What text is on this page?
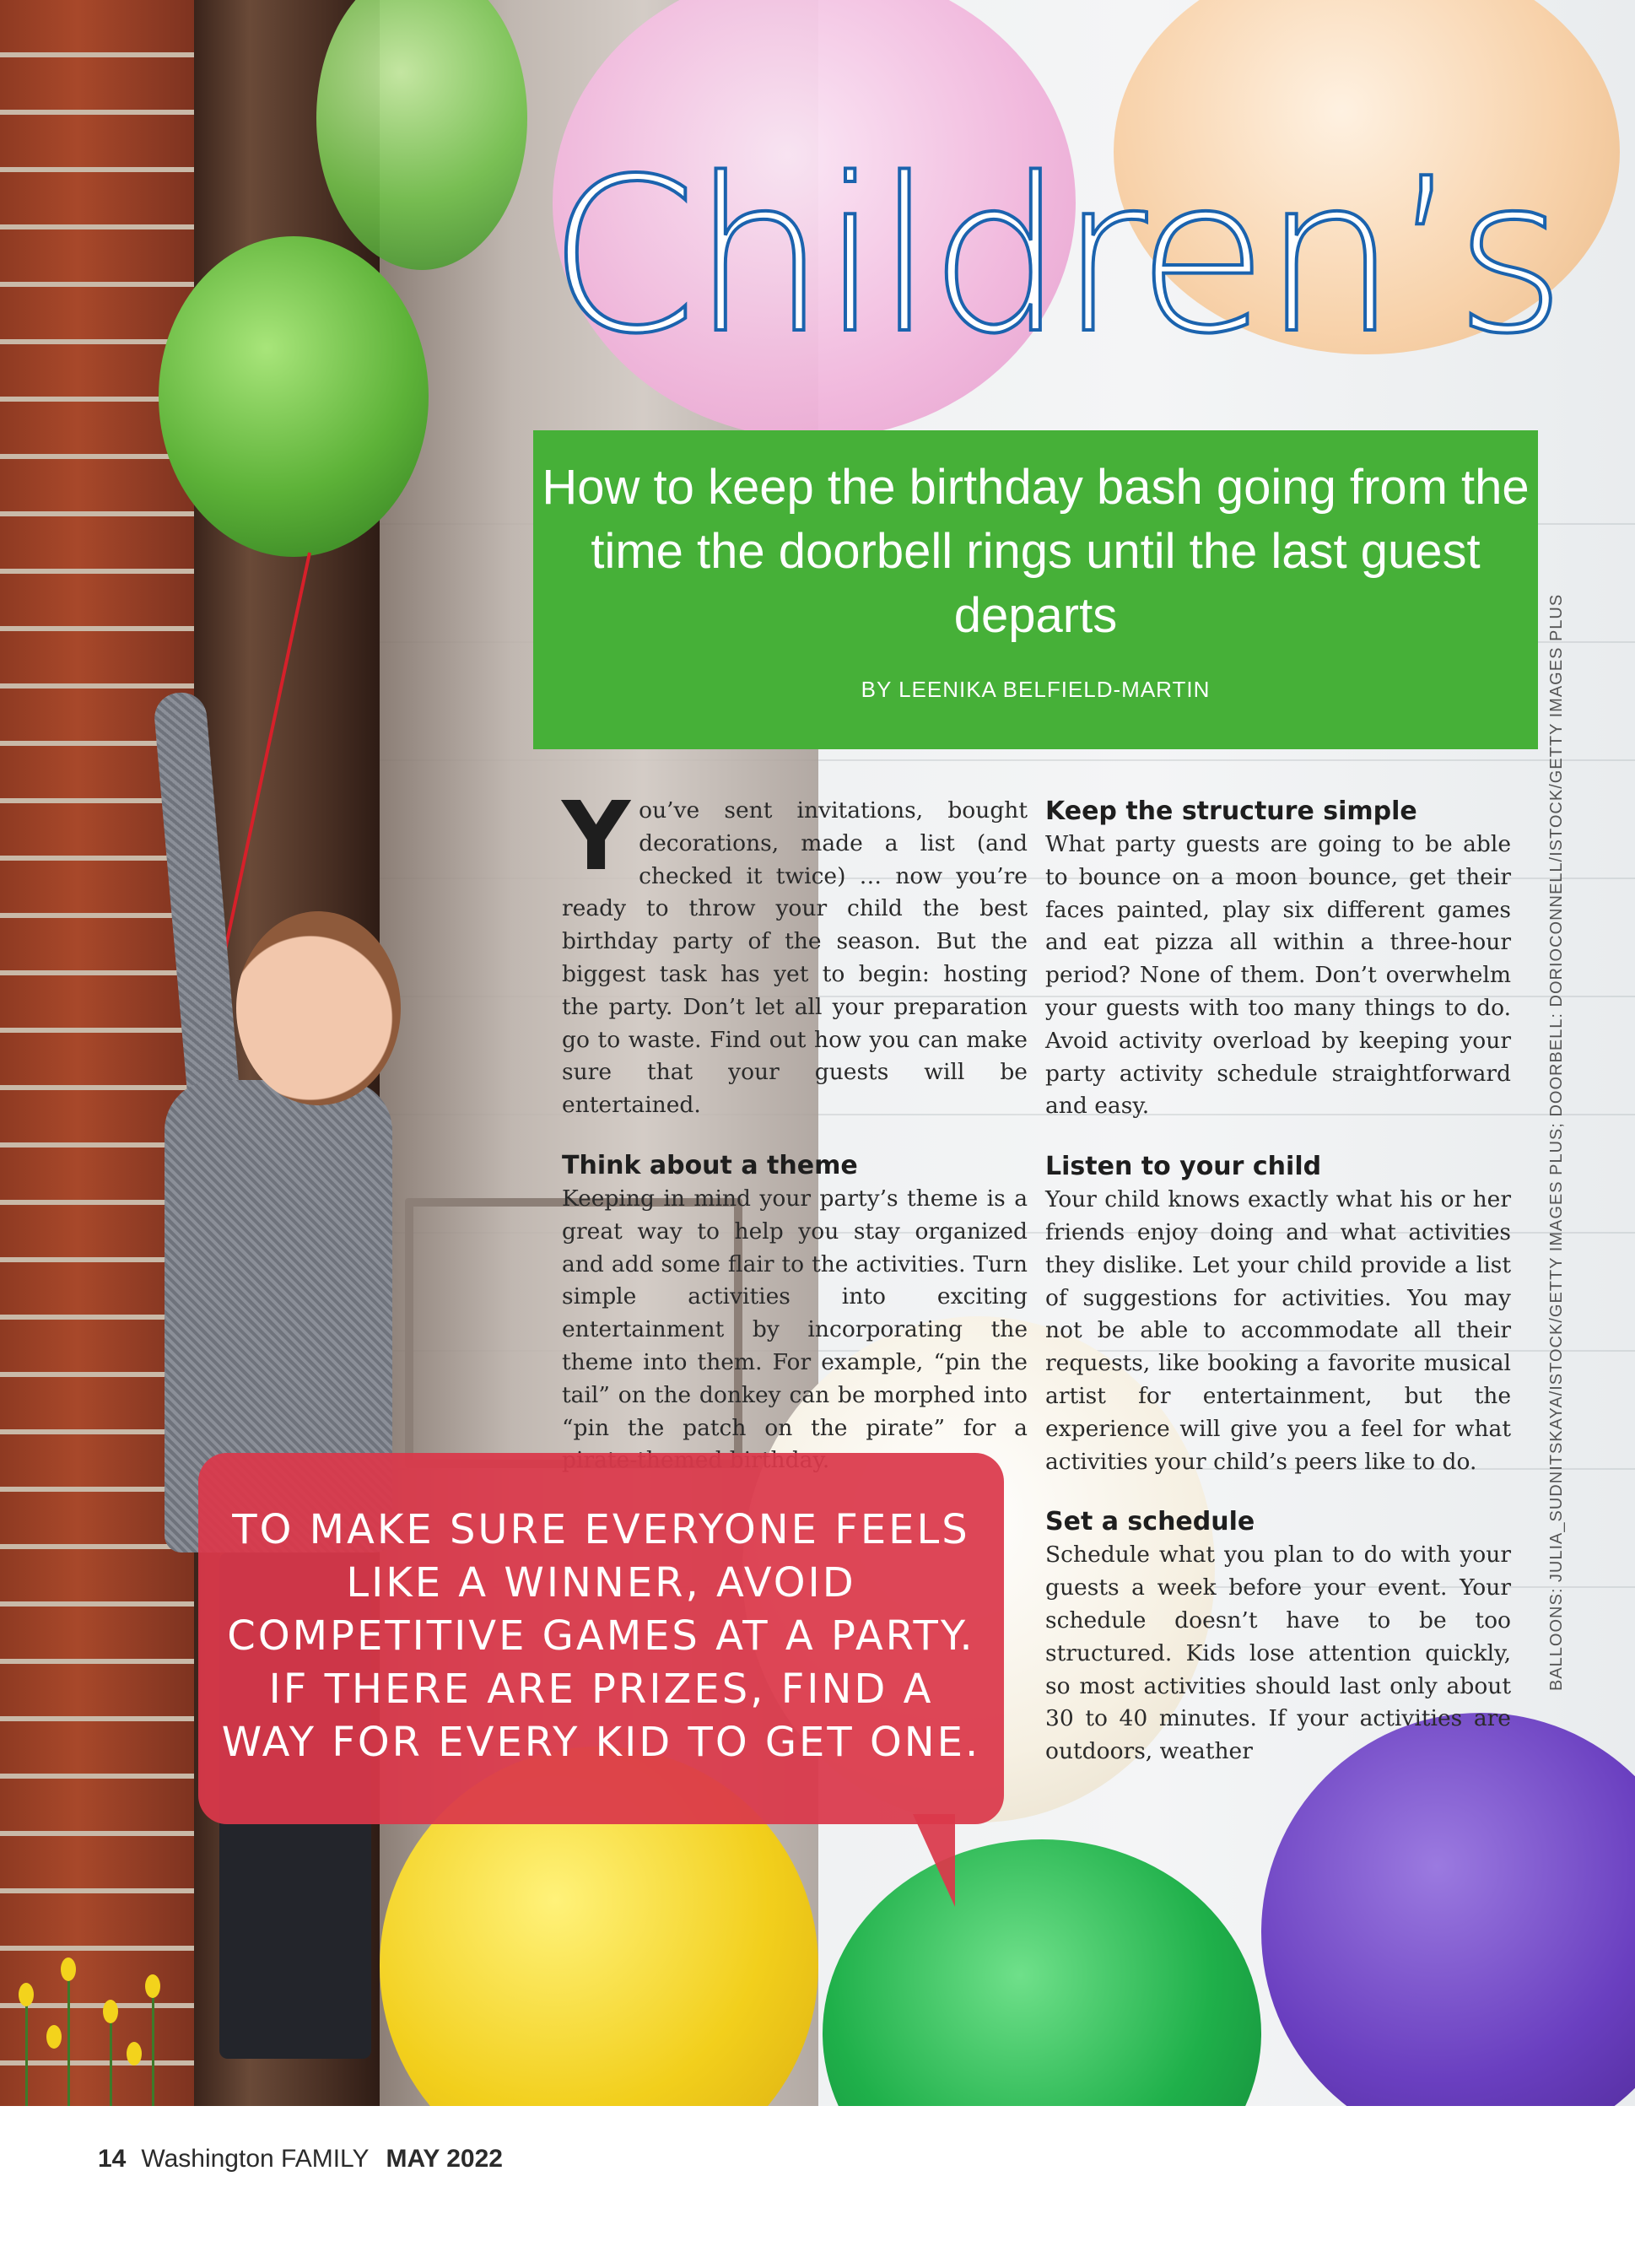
Children’s

How to keep the birthday bash going from the time the doorbell rings until the last guest departs

BY LEENIKA BELFIELD-MARTIN

You’ve sent invitations, bought decorations, made a list (and checked it twice) … now you’re ready to throw your child the best birthday party of the season. But the biggest task has yet to begin: hosting the party. Don’t let all your preparation go to waste. Find out how you can make sure that your guests will be entertained.

Think about a theme

Keeping in mind your party’s theme is a great way to help you stay organized and add some flair to the activities. Turn simple activities into exciting entertainment by incorporating the theme into them. For example, “pin the tail” on the donkey can be morphed into “pin the patch on the pirate” for a

Keep the structure simple

What party guests are going to be able to bounce on a moon bounce, get their faces painted, play six different games and eat pizza all within a three-hour period? None of them. Don’t overwhelm your guests with too many things to do. Avoid activity overload by keeping your party activity schedule straightforward and easy.

Listen to your child

Your child knows exactly what his or her friends enjoy doing and what activities they dislike. Let your child provide a list of suggestions for activities. You may not be able to accommodate all their requests, like booking a favorite musical artist for entertainment, but the experience will give you a feel for what activities your child’s peers like to do.

Set a schedule

Schedule what you plan to do with your guests a week before your event. Your schedule doesn’t have to be too structured. Kids lose attention quickly, so most activities should last only about 30 to 40 minutes. If your activities are outdoors, weather

TO MAKE SURE EVERYONE FEELS LIKE A WINNER, AVOID COMPETITIVE GAMES AT A PARTY. IF THERE ARE PRIZES, FIND A WAY FOR EVERY KID TO GET ONE.

BALLOONS: JULIA_SUDNITSKAYA/ISTOCK/GETTY IMAGES PLUS; DOORBELL: DORIOCONNELL/ISTOCK/GETTY IMAGES PLUS

14 Washington FAMILY MAY 2022
